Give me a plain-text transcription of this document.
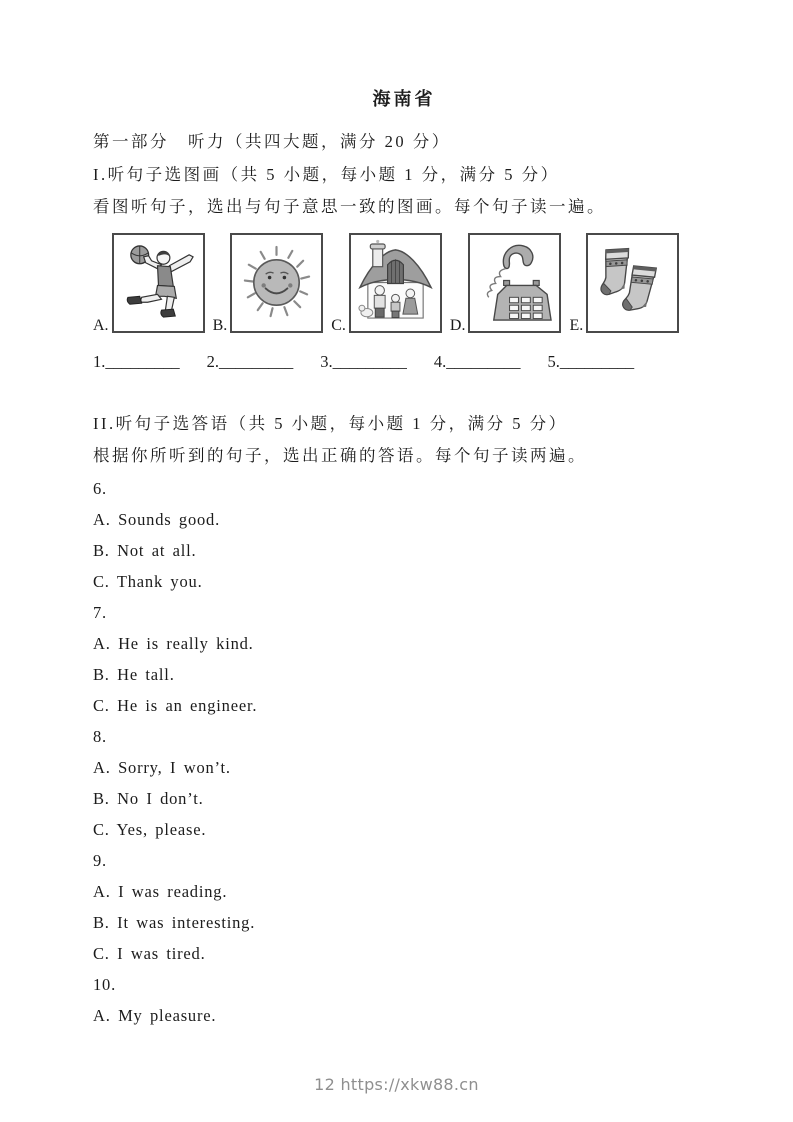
海南省

第一部分　听力（共四大题，满分 20 分）

I.听句子选图画（共 5 小题，每小题 1 分，满分 5 分）

看图听句子，选出与句子意思一致的图画。每个句子读一遍。

A.	B.	C.	D.	E.

1._________ 2._________ 3._________ 4._________ 5._________

II.听句子选答语（共 5 小题，每小题 1 分，满分 5 分）

根据你所听到的句子，选出正确的答语。每个句子读两遍。

6.

A. Sounds good.

B. Not at all.

C. Thank you.

7.

A. He is really kind.

B. He tall.

C. He is an engineer.

8.

A. Sorry, I won’t.

B. No I don’t.

C. Yes, please.

9.

A. I was reading.

B. It was interesting.

C. I was tired.

10.

A. My pleasure.

12 https://xkw88.cn
